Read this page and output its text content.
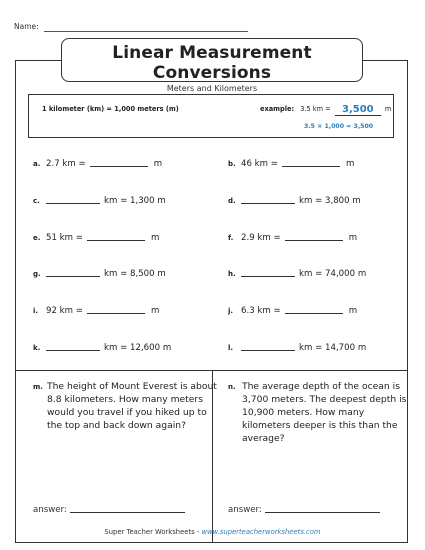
Name:
Linear Measurement Conversions
Meters and Kilometers
1 kilometer (km) = 1,000 meters (m)	example: 3.5 km = 3,500 m
3.5 × 1,000 = 3,500
a. 2.7 km =	m	b. 46 km =	m
c.	km = 1,300 m	d.	km = 3,800 m
e. 51 km =	m	f. 2.9 km =	m
g.	km = 8,500 m	h.	km = 74,000 m
i. 92 km =	m	j. 6.3 km =	m
k.	km = 12,600 m	l.	km = 14,700 m
m. The height of Mount Everest is about 8.8 kilometers. How many meters would you travel if you hiked up to the top and back down again?
n. The average depth of the ocean is 3,700 meters. The deepest depth is 10,900 meters. How many kilometers deeper is this than the average?
answer:	answer:
Super Teacher Worksheets - www.superteacherworksheets.com
